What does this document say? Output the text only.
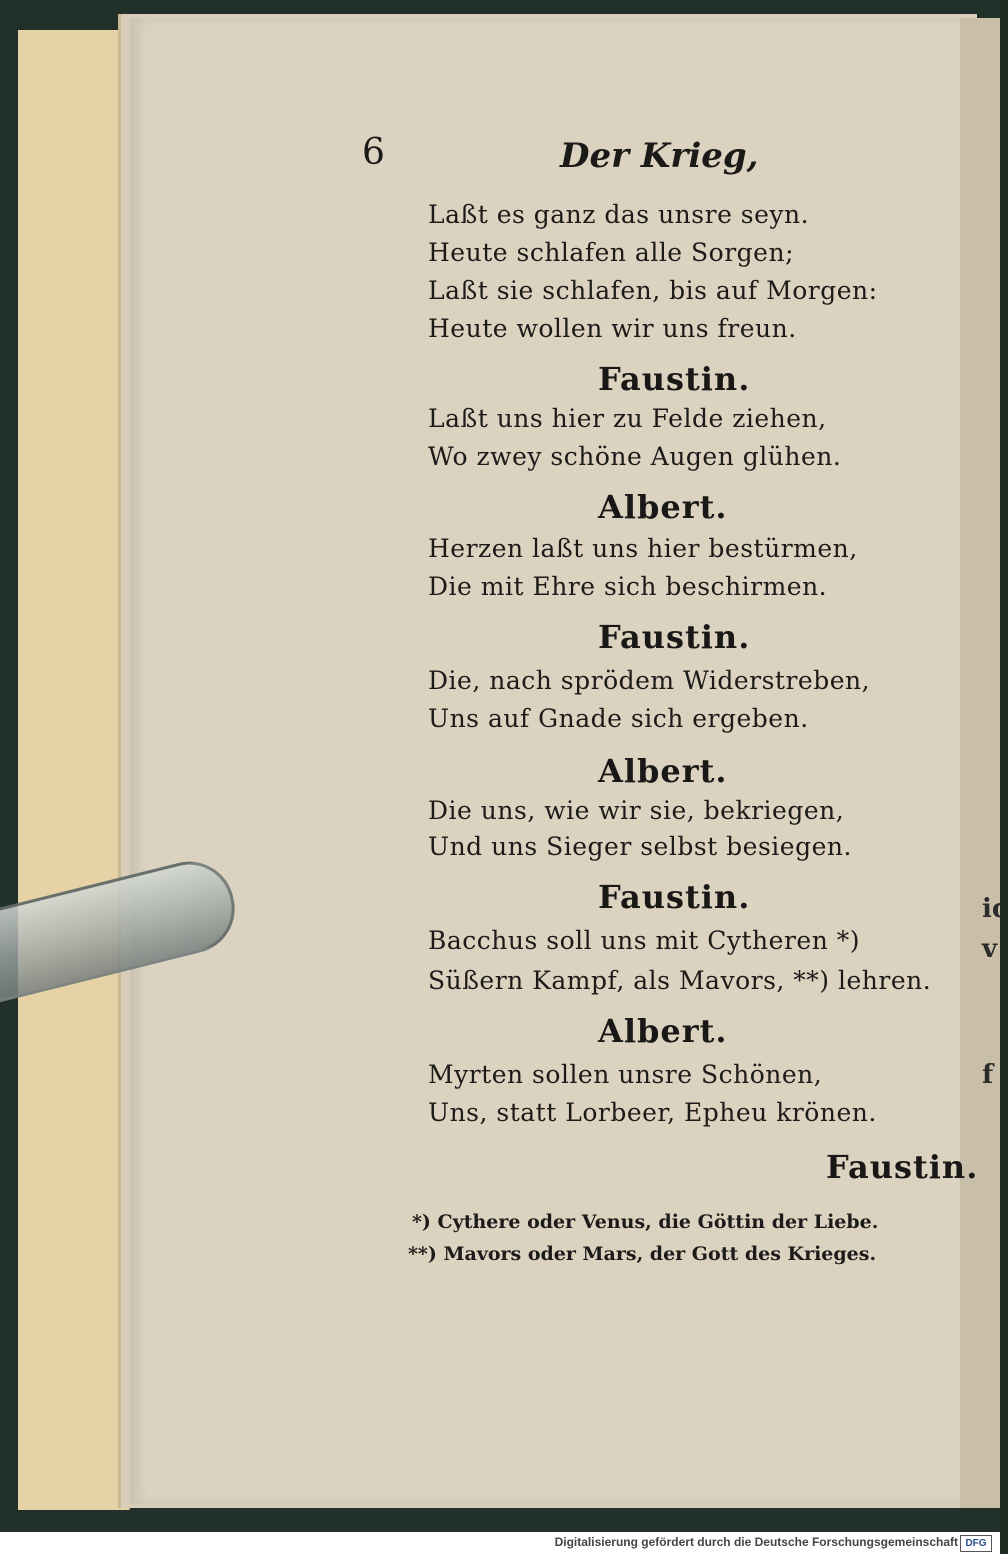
ic
v
f
6	Der Krieg,
Laßt es ganz das unsre seyn.
Heute schlafen alle Sorgen;
Laßt sie schlafen, bis auf Morgen:
Heute wollen wir uns freun.
Faustin.
Laßt uns hier zu Felde ziehen,
Wo zwey schöne Augen glühen.
Albert.
Herzen laßt uns hier bestürmen,
Die mit Ehre sich beschirmen.
Faustin.
Die, nach sprödem Widerstreben,
Uns auf Gnade sich ergeben.
Albert.
Die uns, wie wir sie, bekriegen,
Und uns Sieger selbst besiegen.
Faustin.
Bacchus soll uns mit Cytheren *)
Süßern Kampf, als Mavors, **) lehren.
Albert.
Myrten sollen unsre Schönen,
Uns, statt Lorbeer, Epheu krönen.
Faustin.
*) Cythere oder Venus, die Göttin der Liebe.
**) Mavors oder Mars, der Gott des Krieges.
Digitalisierung gefördert durch die Deutsche Forschungsgemeinschaft DFG
